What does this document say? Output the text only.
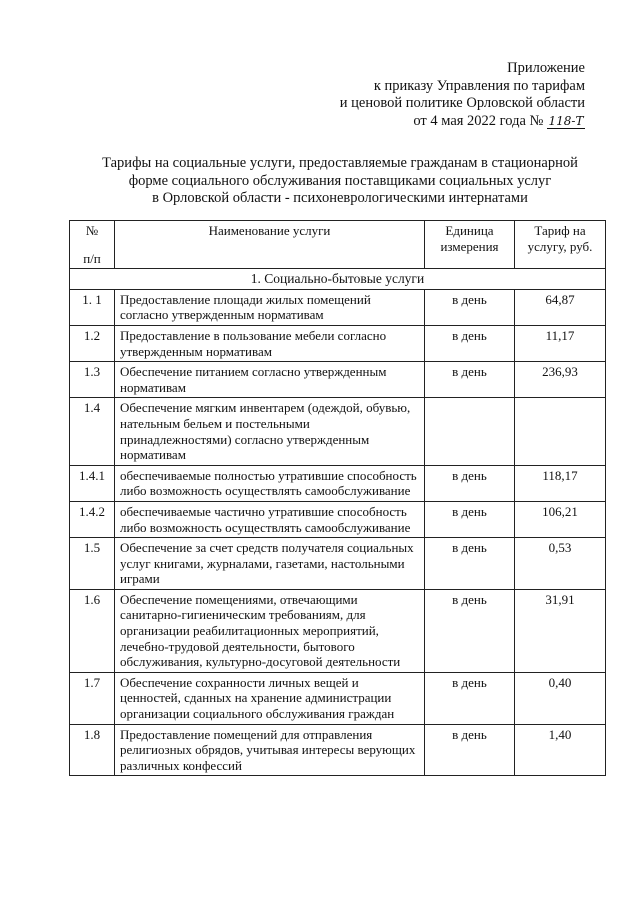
Приложение
к приказу Управления по тарифам
и ценовой политике Орловской области
от 4 мая 2022 года № 118-Т
Тарифы на социальные услуги, предоставляемые гражданам в стационарной
форме социального обслуживания поставщиками социальных услуг
в Орловской области - психоневрологическими интернатами
№
п/п	Наименование услуги	Единица измерения	Тариф на услугу, руб.
1. Социально-бытовые услуги			
1. 1	Предоставление площади жилых помещений согласно утвержденным нормативам	в день	64,87
1.2	Предоставление в пользование мебели согласно утвержденным нормативам	в день	11,17
1.3	Обеспечение питанием согласно утвержденным нормативам	в день	236,93
1.4	Обеспечение мягким инвентарем (одеждой, обувью, нательным бельем и постельными принадлежностями) согласно утвержденным нормативам		
1.4.1	обеспечиваемые полностью утратившие способность либо возможность осуществлять самообслуживание	в день	118,17
1.4.2	обеспечиваемые частично утратившие способность либо возможность осуществлять самообслуживание	в день	106,21
1.5	Обеспечение за счет средств получателя социальных услуг книгами, журналами, газетами, настольными играми	в день	0,53
1.6	Обеспечение помещениями, отвечающими санитарно-гигиеническим требованиям, для организации реабилитационных мероприятий, лечебно-трудовой деятельности, бытового обслуживания, культурно-досуговой деятельности	в день	31,91
1.7	Обеспечение сохранности личных вещей и ценностей, сданных на хранение администрации организации социального обслуживания граждан	в день	0,40
1.8	Предоставление помещений для отправления религиозных обрядов, учитывая интересы верующих различных конфессий	в день	1,40
